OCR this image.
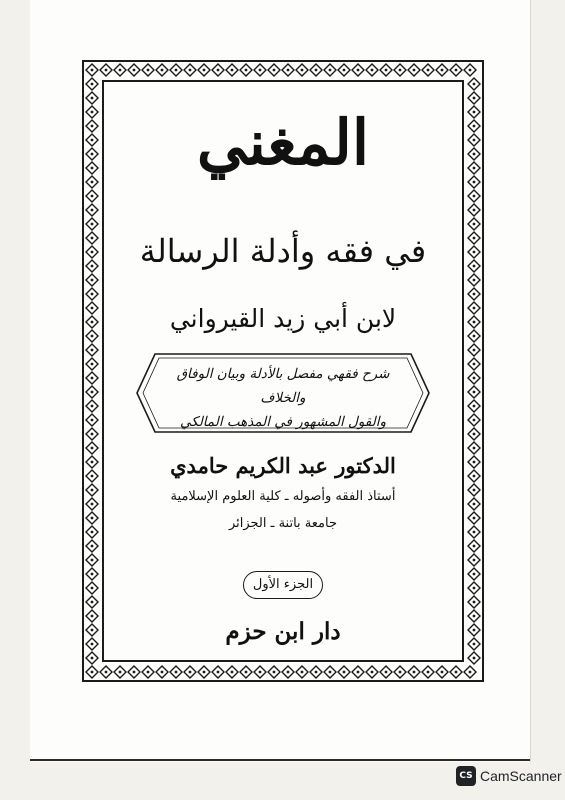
المغني
في فقه وأدلة الرسالة
لابن أبي زيد القيرواني
شرح فقهي مفصل بالأدلة وبيان الوفاق والخلاف
والقول المشهور في المذهب المالكي
الدكتور عبد الكريم حامدي
أستاذ الفقه وأصوله ـ كلية العلوم الإسلامية
جامعة باتنة ـ الجزائر
الجزء الأول
دار ابن حزم
CS CamScanner
